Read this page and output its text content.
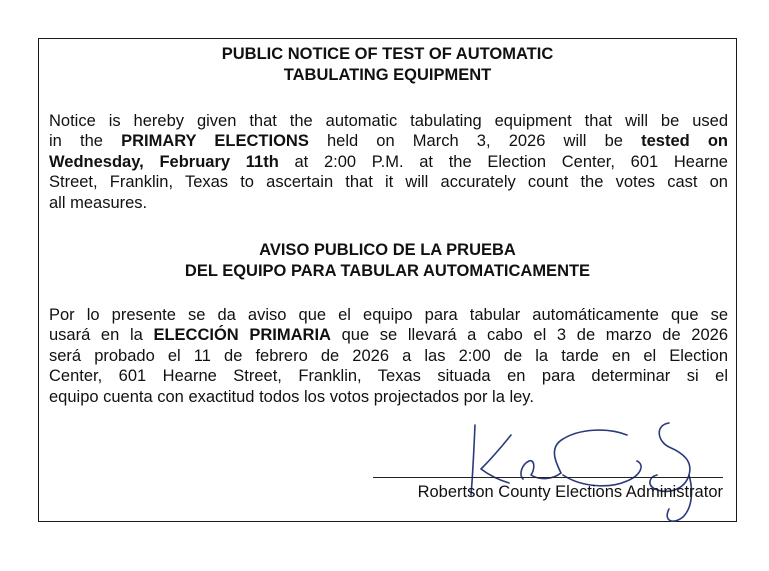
PUBLIC NOTICE OF TEST OF AUTOMATIC
TABULATING EQUIPMENT

Notice is hereby given that the automatic tabulating equipment that will be used
in the PRIMARY ELECTIONS held on March 3, 2026 will be tested on
Wednesday, February 11th at 2:00 P.M. at the Election Center, 601 Hearne
Street, Franklin, Texas to ascertain that it will accurately count the votes cast on
all measures.

AVISO PUBLICO DE LA PRUEBA
DEL EQUIPO PARA TABULAR AUTOMATICAMENTE

Por lo presente se da aviso que el equipo para tabular automáticamente que se
usará en la ELECCIÓN PRIMARIA que se llevará a cabo el 3 de marzo de 2026
será probado el 11 de febrero de 2026 a las 2:00 de la tarde en el Election
Center, 601 Hearne Street, Franklin, Texas situada en para determinar si el
equipo cuenta con exactitud todos los votos projectados por la ley.

Robertson County Elections Administrator
